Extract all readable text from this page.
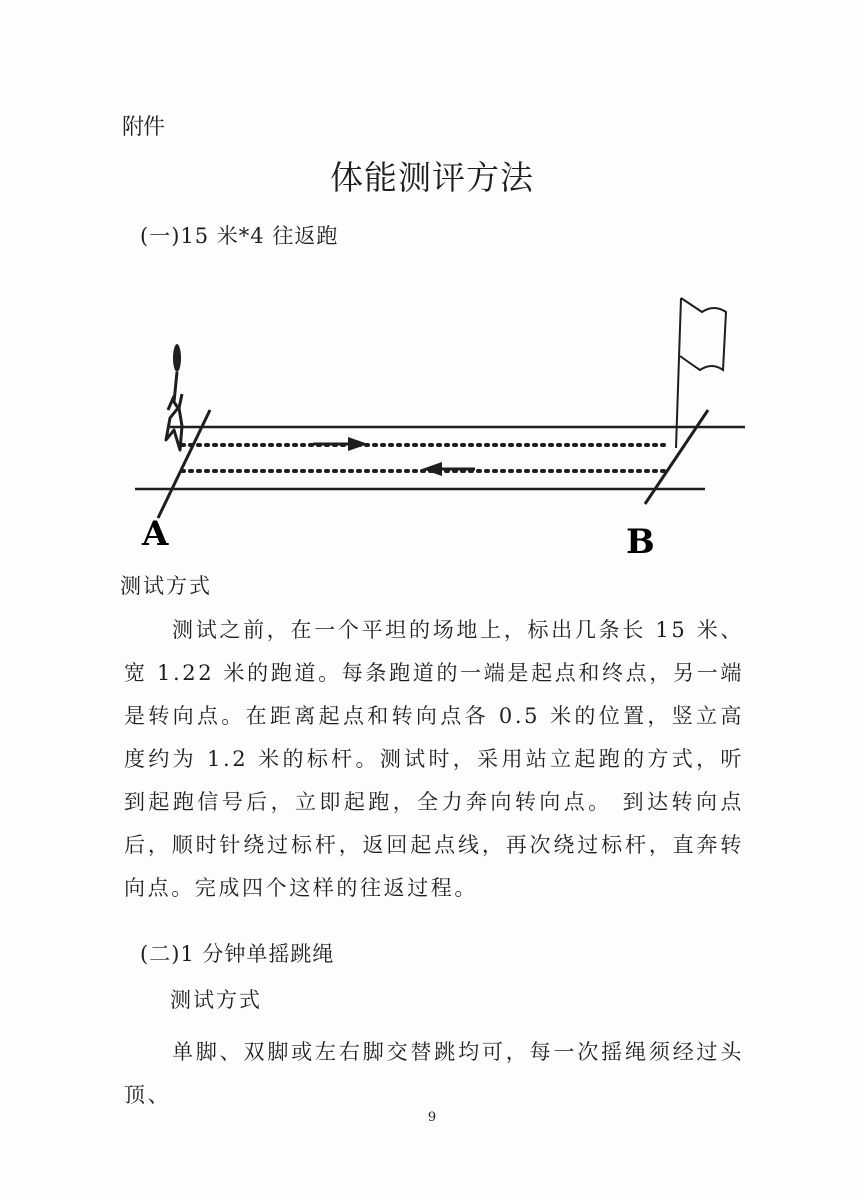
附件
体能测评方法
(一)15 米*4 往返跑
A	B
测试方式

测试之前，在一个平坦的场地上，标出几条长 15 米、宽 1.22 米的跑道。每条跑道的一端是起点和终点，另一端是转向点。在距离起点和转向点各 0.5 米的位置，竖立高度约为 1.2 米的标杆。测试时，采用站立起跑的方式，听到起跑信号后，立即起跑，全力奔向转向点。 到达转向点后，顺时针绕过标杆，返回起点线，再次绕过标杆，直奔转向点。完成四个这样的往返过程。

(二)1 分钟单摇跳绳
测试方式

单脚、双脚或左右脚交替跳均可，每一次摇绳须经过头顶、

9
